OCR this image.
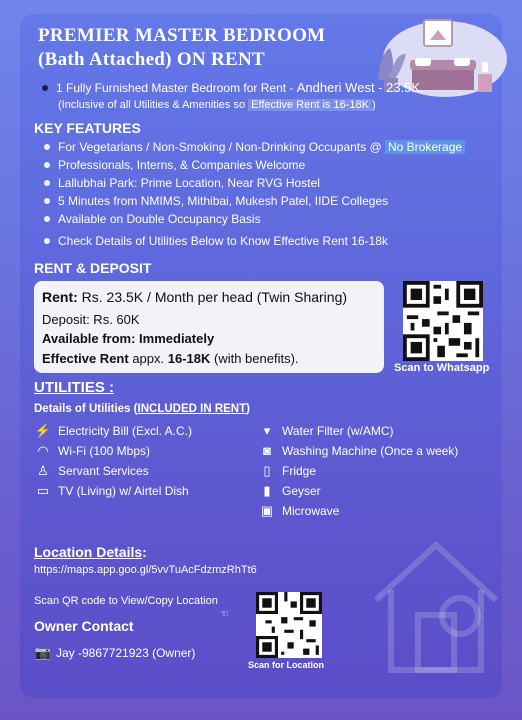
PREMIER MASTER BEDROOM
(Bath Attached) ON RENT
1 Fully Furnished Master Bedroom for Rent - Andheri West - 23.5K.
(Inclusive of all Utilities & Amenities so Effective Rent is 16-18K )
KEY FEATURES
For Vegetarians / Non-Smoking / Non-Drinking Occupants @ No Brokerage
Professionals, Interns, & Companies Welcome
Lallubhai Park: Prime Location, Near RVG Hostel
5 Minutes from NMIMS, Mithibai, Mukesh Patel, IIDE Colleges
Available on Double Occupancy Basis
Check Details of Utilities Below to Know Effective Rent 16-18k
RENT & DEPOSIT
Rent: Rs. 23.5K / Month per head (Twin Sharing)
Deposit: Rs. 60K
Available from: Immediately
Effective Rent appx. 16-18K (with benefits).
Scan to Whatsapp
UTILITIES :
Details of Utilities (INCLUDED IN RENT)
⚡ Electricity Bill (Excl. A.C.)
◠ Wi-Fi (100 Mbps)
♙ Servant Services
▭ TV (Living) w/ Airtel Dish
▾ Water Filter (w/AMC)
◙ Washing Machine (Once a week)
▯ Fridge
▮ Geyser
▣ Microwave
Location Details:
https://maps.app.goo.gl/5vvTuAcFdzmzRhTt6
Scan QR code to View/Copy Location
☜
Scan for Location
Owner Contact
📷 Jay -9867721923 (Owner)
